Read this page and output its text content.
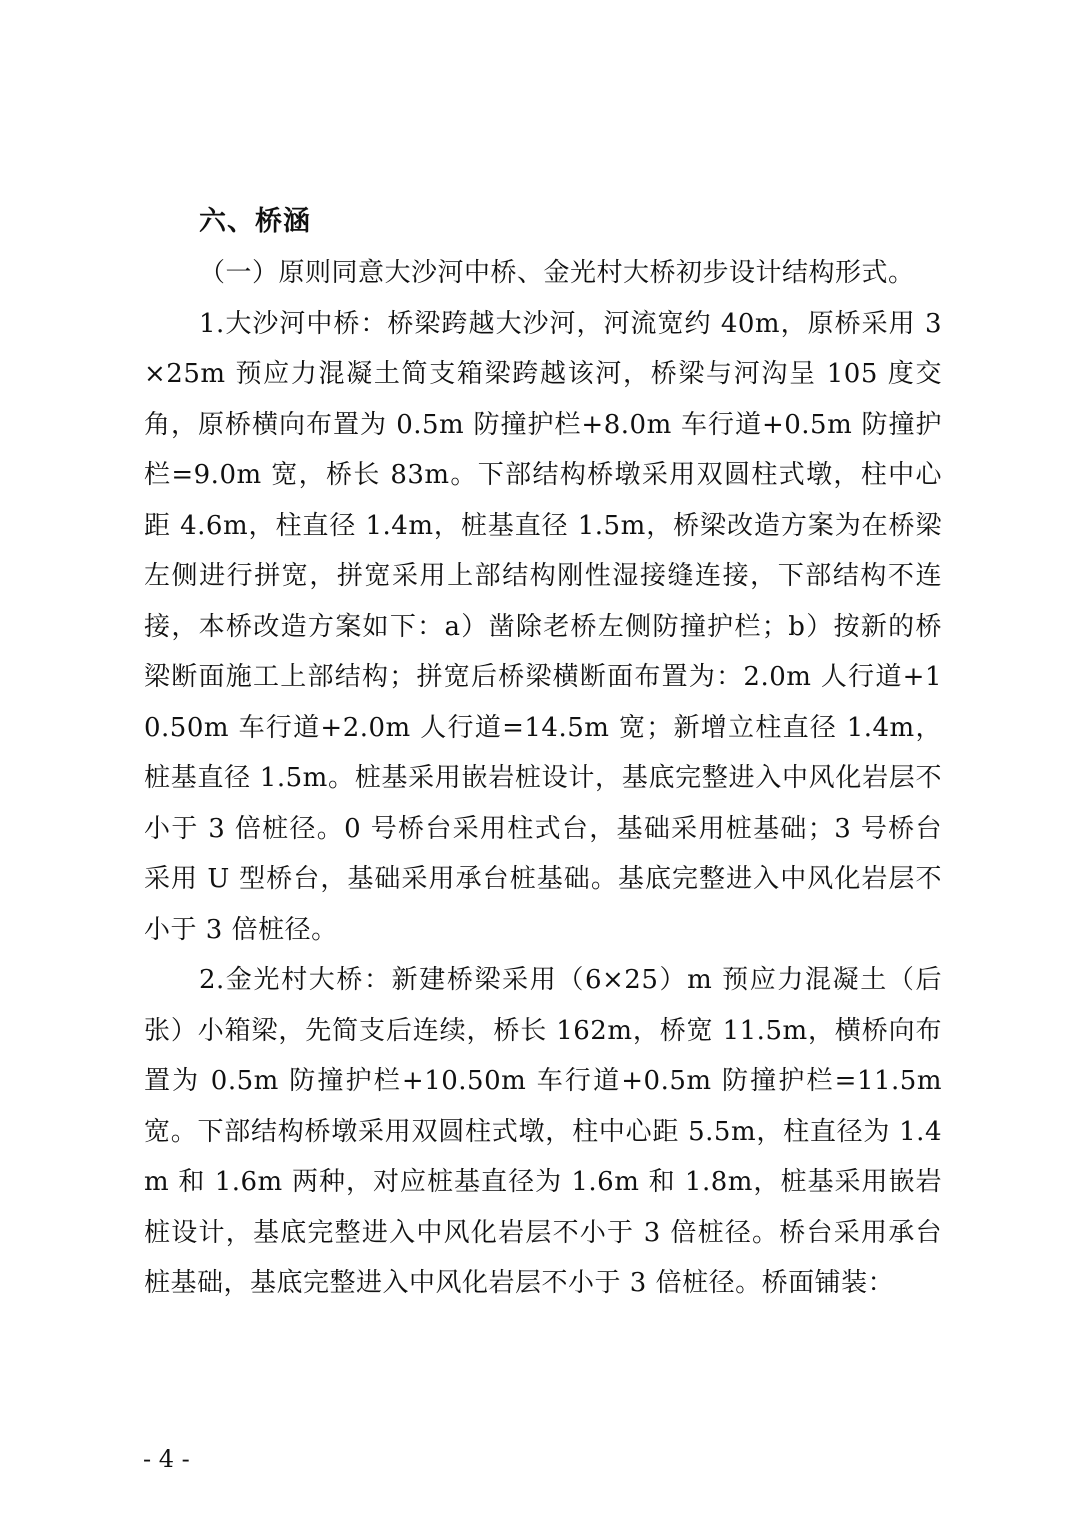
六、桥涵

（一）原则同意大沙河中桥、金光村大桥初步设计结构形式。

1.大沙河中桥：桥梁跨越大沙河，河流宽约 40m，原桥采用 3×25m 预应力混凝土简支箱梁跨越该河，桥梁与河沟呈 105 度交角，原桥横向布置为 0.5m 防撞护栏+8.0m 车行道+0.5m 防撞护栏=9.0m 宽，桥长 83m。下部结构桥墩采用双圆柱式墩，柱中心距 4.6m，柱直径 1.4m，桩基直径 1.5m，桥梁改造方案为在桥梁左侧进行拼宽，拼宽采用上部结构刚性湿接缝连接，下部结构不连接，本桥改造方案如下：a）凿除老桥左侧防撞护栏；b）按新的桥梁断面施工上部结构；拼宽后桥梁横断面布置为：2.0m 人行道+10.50m 车行道+2.0m 人行道=14.5m 宽；新增立柱直径 1.4m，桩基直径 1.5m。桩基采用嵌岩桩设计，基底完整进入中风化岩层不小于 3 倍桩径。0 号桥台采用柱式台，基础采用桩基础；3 号桥台采用 U 型桥台，基础采用承台桩基础。基底完整进入中风化岩层不小于 3 倍桩径。

2.金光村大桥：新建桥梁采用（6×25）m 预应力混凝土（后张）小箱梁，先简支后连续，桥长 162m，桥宽 11.5m，横桥向布置为 0.5m 防撞护栏+10.50m 车行道+0.5m 防撞护栏=11.5m 宽。下部结构桥墩采用双圆柱式墩，柱中心距 5.5m，柱直径为 1.4m 和 1.6m 两种，对应桩基直径为 1.6m 和 1.8m，桩基采用嵌岩桩设计，基底完整进入中风化岩层不小于 3 倍桩径。桥台采用承台桩基础，基底完整进入中风化岩层不小于 3 倍桩径。桥面铺装：

- 4 -
